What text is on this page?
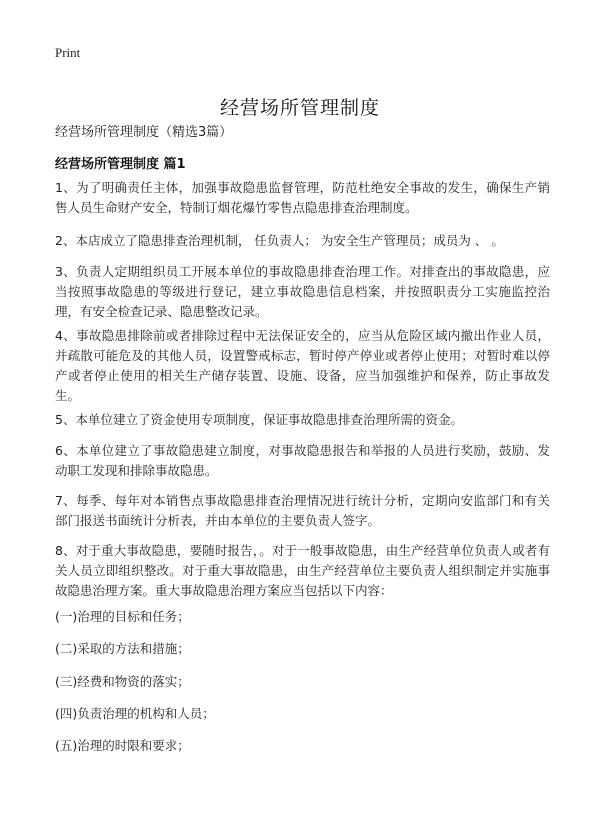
Print
经营场所管理制度
经营场所管理制度（精选3篇）
经营场所管理制度 篇1

1、为了明确责任主体，加强事故隐患监督管理，防范杜绝安全事故的发生，确保生产销售人员生命财产安全，特制订烟花爆竹零售点隐患排查治理制度。

2、本店成立了隐患排查治理机制， 任负责人； 为安全生产管理员；成员为 、 。

3、负责人定期组织员工开展本单位的事故隐患排查治理工作。对排查出的事故隐患，应当按照事故隐患的等级进行登记，建立事故隐患信息档案，并按照职责分工实施监控治理，有安全检查记录、隐患整改记录。

4、事故隐患排除前或者排除过程中无法保证安全的，应当从危险区域内撤出作业人员，并疏散可能危及的其他人员，设置警戒标志，暂时停产停业或者停止使用；对暂时难以停产或者停止使用的相关生产储存装置、设施、设备，应当加强维护和保养，防止事故发生。

5、本单位建立了资金使用专项制度，保证事故隐患排查治理所需的资金。

6、本单位建立了事故隐患建立制度，对事故隐患报告和举报的人员进行奖励，鼓励、发动职工发现和排除事故隐患。

7、每季、每年对本销售点事故隐患排查治理情况进行统计分析，定期向安监部门和有关部门报送书面统计分析表，并由本单位的主要负责人签字。

8、对于重大事故隐患，要随时报告，。对于一般事故隐患，由生产经营单位负责人或者有关人员立即组织整改。对于重大事故隐患，由生产经营单位主要负责人组织制定并实施事故隐患治理方案。重大事故隐患治理方案应当包括以下内容：

(一)治理的目标和任务；

(二)采取的方法和措施；

(三)经费和物资的落实；

(四)负责治理的机构和人员；

(五)治理的时限和要求；
